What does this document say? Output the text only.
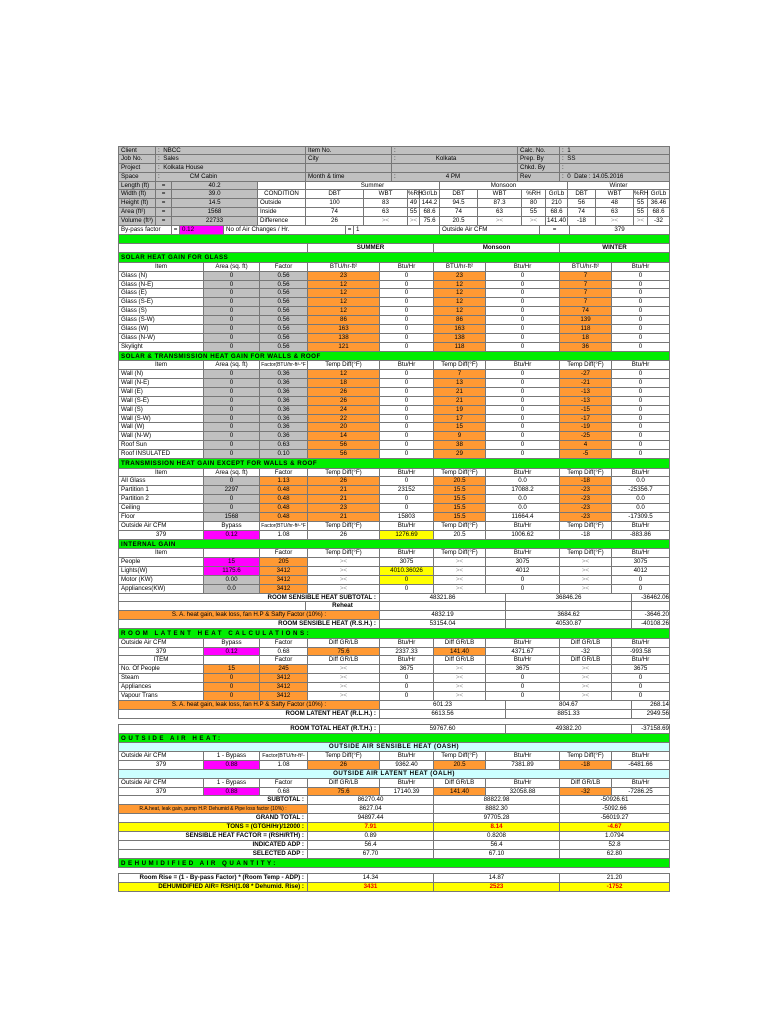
Client	: NBCC	Item No.	:	Calc. No.	: 1
Job No.	: Sales	City	:	Kolkata	Prep. By	: SS
Project	: Kolkata House	Chkd. By	:
Space	:	CM Cabin	Month & time	:	4 PM	Rev	: 0 Date : 14.05.2016
Length (ft)	=	40.2	Summer	Monsoon	Winter
Width (ft)	=	39.0	CONDITION	DBT	WBT	%RH Gr/Lb	DBT	WBT	%RH	Gr/Lb	DBT	WBT	%RH Gr/Lb
Height (ft)	=	14.5	Outside	100	83	49 144.2	94.5	87.3	80	210	56	48	55	36.46
Area (ft²)	=	1568	Inside	74	63	55	68.6	74	63	55	68.6	74	63	55	68.6
Volume (ft³)	=	22733	Difference	26	><	><	75.6	20.5	><	><	141.40	-18	><	><	-32
By-pass factor	= 0.12	No of Air Changes / Hr.	= 1	Outside Air CFM	=	379
SUMMER	Monsoon	WINTER
SOLAR HEAT GAIN FOR GLASS
Item	Area (sq. ft)	Factor	BTU/hr-ft²	Btu/Hr	BTU/hr-ft²	Btu/Hr	BTU/hr-ft²	Btu/Hr
Glass (N)	0	0.56	23	0	23	0	7	0
Glass (N-E)	0	0.56	12	0	12	0	7	0
Glass (E)	0	0.56	12	0	12	0	7	0
Glass (S-E)	0	0.56	12	0	12	0	7	0
Glass (S)	0	0.56	12	0	12	0	74	0
Glass (S-W)	0	0.56	86	0	86	0	139	0
Glass (W)	0	0.56	163	0	163	0	118	0
Glass (N-W)	0	0.56	138	0	138	0	18	0
Skylight	0	0.56	121	0	118	0	36	0
SOLAR & TRANSMISSION HEAT GAIN FOR WALLS & ROOF
Item	Area (sq. ft)	Factor(BTU/hr-ft²-°F	Temp Diff(°F)	Btu/Hr	Temp Diff(°F)	Btu/Hr	Temp Diff(°F)	Btu/Hr
Wall (N)	0	0.36	12	0	7	0	-27	0
Wall (N-E)	0	0.36	18	0	13	0	-21	0
Wall (E)	0	0.36	26	0	21	0	-13	0
Wall (S-E)	0	0.36	26	0	21	0	-13	0
Wall (S)	0	0.36	24	0	19	0	-15	0
Wall (S-W)	0	0.36	22	0	17	0	-17	0
Wall (W)	0	0.36	20	0	15	0	-19	0
Wall (N-W)	0	0.36	14	0	9	0	-25	0
Roof Sun	0	0.63	56	0	38	0	4	0
Roof INSULATED	0	0.10	56	0	29	0	-5	0
TRANSMISSION HEAT GAIN EXCEPT FOR WALLS & ROOF
Item	Area (sq. ft)	Factor	Temp Diff(°F)	Btu/Hr	Temp Diff(°F)	Btu/Hr	Temp Diff(°F)	Btu/Hr
All Glass	0	1.13	26	0	20.5	0.0	-18	0.0
Partition 1	2297	0.48	21	23152	15.5	17088.2	-23	-25356.7
Partition 2	0	0.48	21	0	15.5	0.0	-23	0.0
Ceiling	0	0.48	23	0	15.5	0.0	-23	0.0
Floor	1568	0.48	21	15803	15.5	11664.4	-23	-17309.5
Outside Air CFM	Bypass	Factor(BTU/hr-ft²-°F	Temp Diff(°F)	Btu/Hr	Temp Diff(°F)	Btu/Hr	Temp Diff(°F)	Btu/Hr
379	0.12	1.08	26	1276.69	20.5	1006.62	-18	-883.86
INTERNAL GAIN
Item	Factor	Temp Diff(°F)	Btu/Hr	Temp Diff(°F)	Btu/Hr	Temp Diff(°F)	Btu/Hr
People	15	205	><	3075	><	3075	><	3075
Lights(W)	1175.6	3412	><	4010.36026	><	4012	><	4012
Motor (KW)	0.00	3412	><	0	><	0	><	0
Appliances(KW)	0.0	3412	><	0	><	0	><	0
ROOM SENSIBLE HEAT SUBTOTAL :	48321.86	36846.26	-36462.06
Reheat
S. A. heat gain, leak loss, fan H.P & Safty Factor (10%) :	4832.19	3684.62	-3646.20
ROOM SENSIBLE HEAT (R.S.H.) :	53154.04	40530.87	-40108.26
ROOM LATENT HEAT CALCULATIONS:
Outside Air CFM	Bypass	Factor	Diff GR/LB	Btu/Hr	Diff GR/LB	Btu/Hr	Diff GR/LB	Btu/Hr
379	0.12	0.68	75.6	2337.33	141.40	4371.67	-32	-993.58
ITEM	Factor	Diff GR/LB	Btu/Hr	Diff GR/LB	Btu/Hr	Diff GR/LB	Btu/Hr
No. Of People	15	245	><	3675	><	3675	><	3675
Steam	0	3412	><	0	><	0	><	0
Appliances	0	3412	><	0	><	0	><	0
Vapour Trans	0	3412	><	0	><	0	><	0
S. A. heat gain, leak loss, fan H.P & Safty Factor (10%) :	601.23	804.67	268.14
ROOM LATENT HEAT (R.L.H.) :	6613.56	8851.33	2949.56
ROOM TOTAL HEAT (R.T.H.) :	59767.60	49382.20	-37158.69
OUTSIDE AIR HEAT:
OUTSIDE AIR SENSIBLE HEAT (OASH)
Outside Air CFM	1 - Bypass	Factor(BTU/hr-ft²-	Temp Diff(°F)	Btu/Hr	Temp Diff(°F)	Btu/Hr	Temp Diff(°F)	Btu/Hr
379	0.88	1.08	26	9362.40	20.5	7381.89	-18	-6481.66
OUTSIDE AIR LATENT HEAT (OALH)
Outside Air CFM	1 - Bypass	Factor	Diff GR/LB	Btu/Hr	Diff GR/LB	Btu/Hr	Diff GR/LB	Btu/Hr
379	0.88	0.68	75.6	17140.39	141.40	32058.88	-32	-7286.25
SUBTOTAL :	86270.40	88822.98	-50926.61
R.A.heat, leak gain, pump H.P. Dehumid & Pipe loss factor (10%) :	8627.04	8882.30	-5092.66
GRAND TOTAL :	94897.44	97705.28	-56019.27
TONS = (GTGH/Hr)/12000 :	7.91	8.14	-4.67
SENSIBLE HEAT FACTOR = (RSH/RTH) :	0.89	0.8208	1.0794
INDICATED ADP :	56.4	56.4	52.8
SELECTED ADP :	67.70	67.10	62.80
DEHUMIDIFIED AIR QUANTITY:
Room Rise = (1 - By-pass Factor) * (Room Temp - ADP) :	14.34	14.87	21.20
DEHUMIDIFIED AIR= RSH/(1.08 * Dehumid. Rise) :	3431	2523	-1752
